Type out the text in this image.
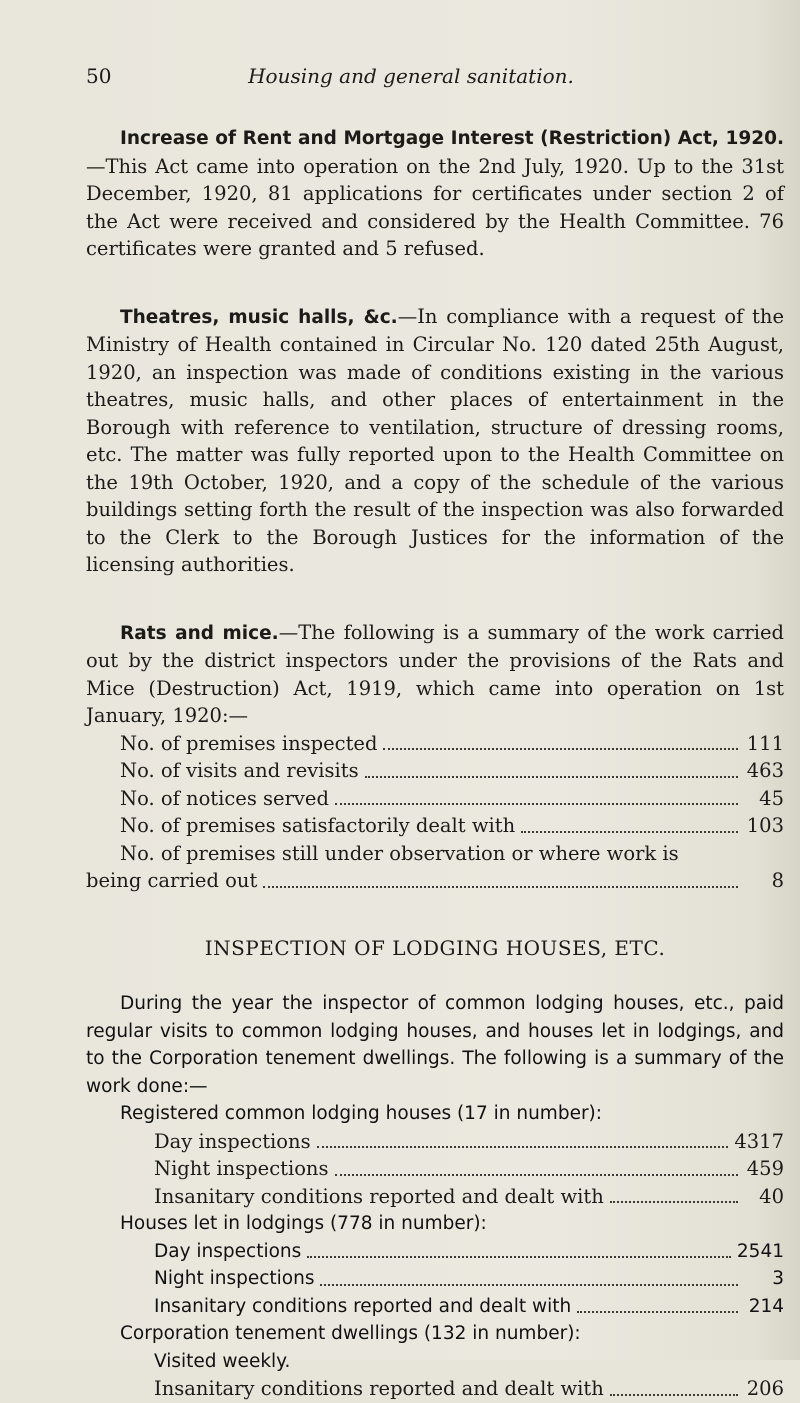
50	Housing and general sanitation.

Increase of Rent and Mortgage Interest (Restriction) Act, 1920.—This Act came into operation on the 2nd July, 1920. Up to the 31st December, 1920, 81 applications for certificates under section 2 of the Act were received and considered by the Health Committee. 76 certificates were granted and 5 refused.

Theatres, music halls, &c.—In compliance with a request of the Ministry of Health contained in Circular No. 120 dated 25th August, 1920, an inspection was made of conditions existing in the various theatres, music halls, and other places of entertainment in the Borough with reference to ventilation, structure of dressing rooms, etc. The matter was fully reported upon to the Health Committee on the 19th October, 1920, and a copy of the schedule of the various buildings setting forth the result of the inspection was also forwarded to the Clerk to the Borough Justices for the information of the licensing authorities.

Rats and mice.—The following is a summary of the work carried out by the district inspectors under the provisions of the Rats and Mice (Destruction) Act, 1919, which came into operation on 1st January, 1920:—

No. of premises inspected	111
No. of visits and revisits	463
No. of notices served	45
No. of premises satisfactorily dealt with	103
No. of premises still under observation or where work is
being carried out	8
INSPECTION OF LODGING HOUSES, ETC.

During the year the inspector of common lodging houses, etc., paid regular visits to common lodging houses, and houses let in lodgings, and to the Corporation tenement dwellings. The following is a summary of the work done:—

Registered common lodging houses (17 in number):
Day inspections	4317
Night inspections	459
Insanitary conditions reported and dealt with	40
Houses let in lodgings (778 in number):
Day inspections	2541
Night inspections	3
Insanitary conditions reported and dealt with	214
Corporation tenement dwellings (132 in number):
Visited weekly.
Insanitary conditions reported and dealt with	206
